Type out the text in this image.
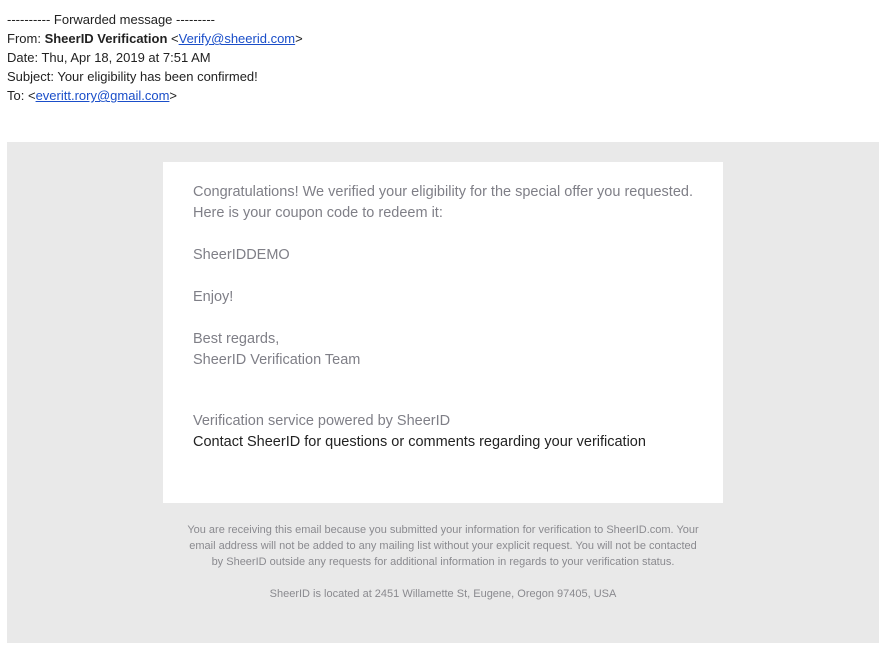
---------- Forwarded message ---------
From: SheerID Verification <Verify@sheerid.com>
Date: Thu, Apr 18, 2019 at 7:51 AM
Subject: Your eligibility has been confirmed!
To: <everitt.rory@gmail.com>

Congratulations! We verified your eligibility for the special offer you requested.

Here is your coupon code to redeem it:

SheerIDDEMO

Enjoy!

Best regards,

SheerID Verification Team

Verification service powered by SheerID

Contact SheerID for questions or comments regarding your verification

You are receiving this email because you submitted your information for verification to SheerID.com. Your email address will not be added to any mailing list without your explicit request. You will not be contacted by SheerID outside any requests for additional information in regards to your verification status.
SheerID is located at 2451 Willamette St, Eugene, Oregon 97405, USA
